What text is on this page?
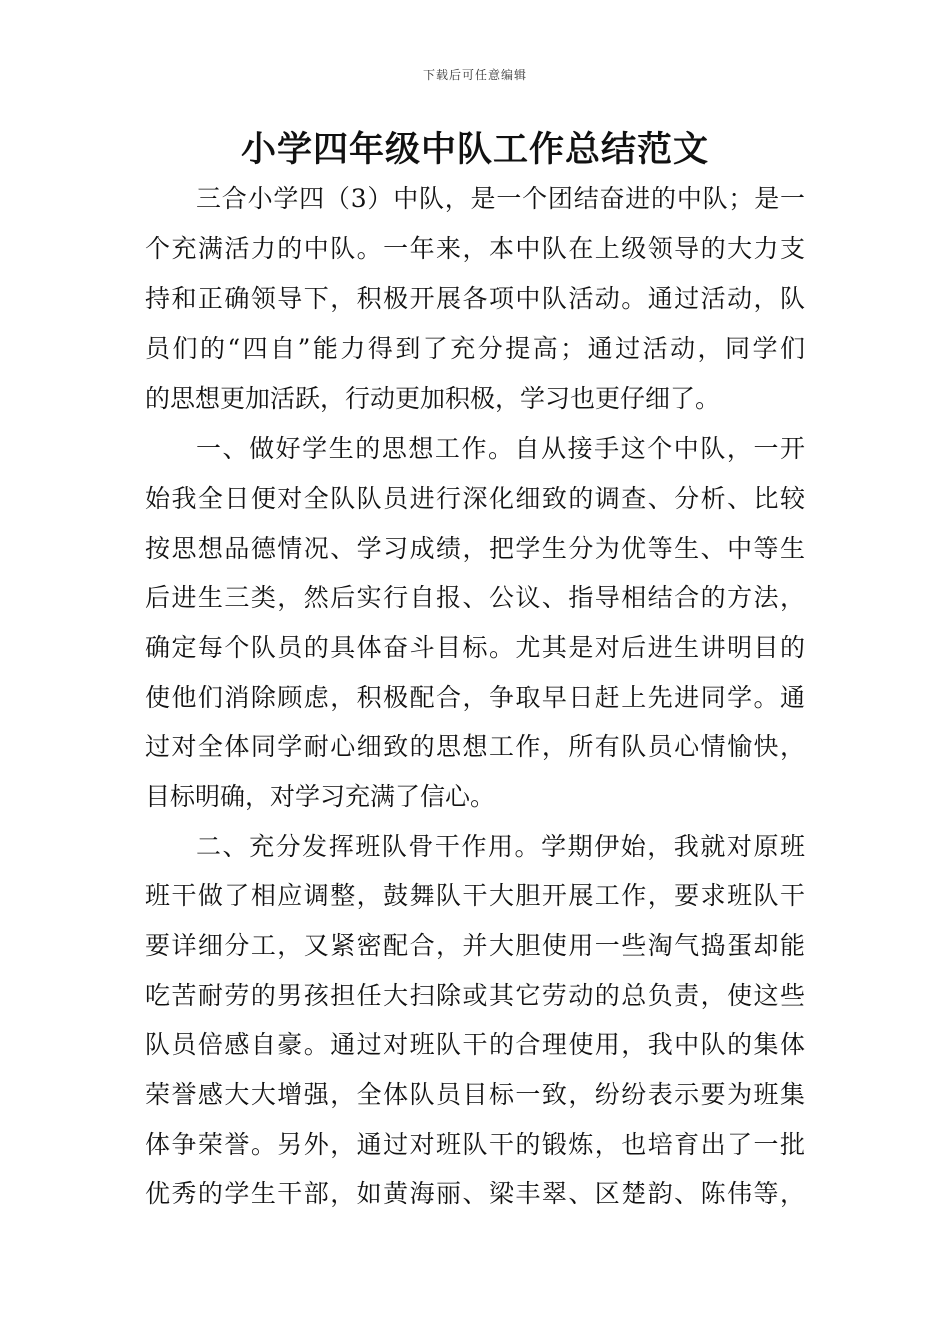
下载后可任意编辑
小学四年级中队工作总结范文
三合小学四（3）中队，是一个团结奋进的中队；是一
个充满活力的中队。一年来，本中队在上级领导的大力支
持和正确领导下，积极开展各项中队活动。通过活动，队
员们的“四自”能力得到了充分提高；通过活动，同学们
的思想更加活跃，行动更加积极，学习也更仔细了。
一、做好学生的思想工作。自从接手这个中队，一开
始我全日便对全队队员进行深化细致的调查、分析、比较
按思想品德情况、学习成绩，把学生分为优等生、中等生
后进生三类，然后实行自报、公议、指导相结合的方法，
确定每个队员的具体奋斗目标。尤其是对后进生讲明目的
使他们消除顾虑，积极配合，争取早日赶上先进同学。通
过对全体同学耐心细致的思想工作，所有队员心情愉快，
目标明确，对学习充满了信心。
二、充分发挥班队骨干作用。学期伊始，我就对原班
班干做了相应调整，鼓舞队干大胆开展工作，要求班队干
要详细分工，又紧密配合，并大胆使用一些淘气捣蛋却能
吃苦耐劳的男孩担任大扫除或其它劳动的总负责，使这些
队员倍感自豪。通过对班队干的合理使用，我中队的集体
荣誉感大大增强，全体队员目标一致，纷纷表示要为班集
体争荣誉。另外，通过对班队干的锻炼，也培育出了一批
优秀的学生干部，如黄海丽、梁丰翠、区楚韵、陈伟等，
